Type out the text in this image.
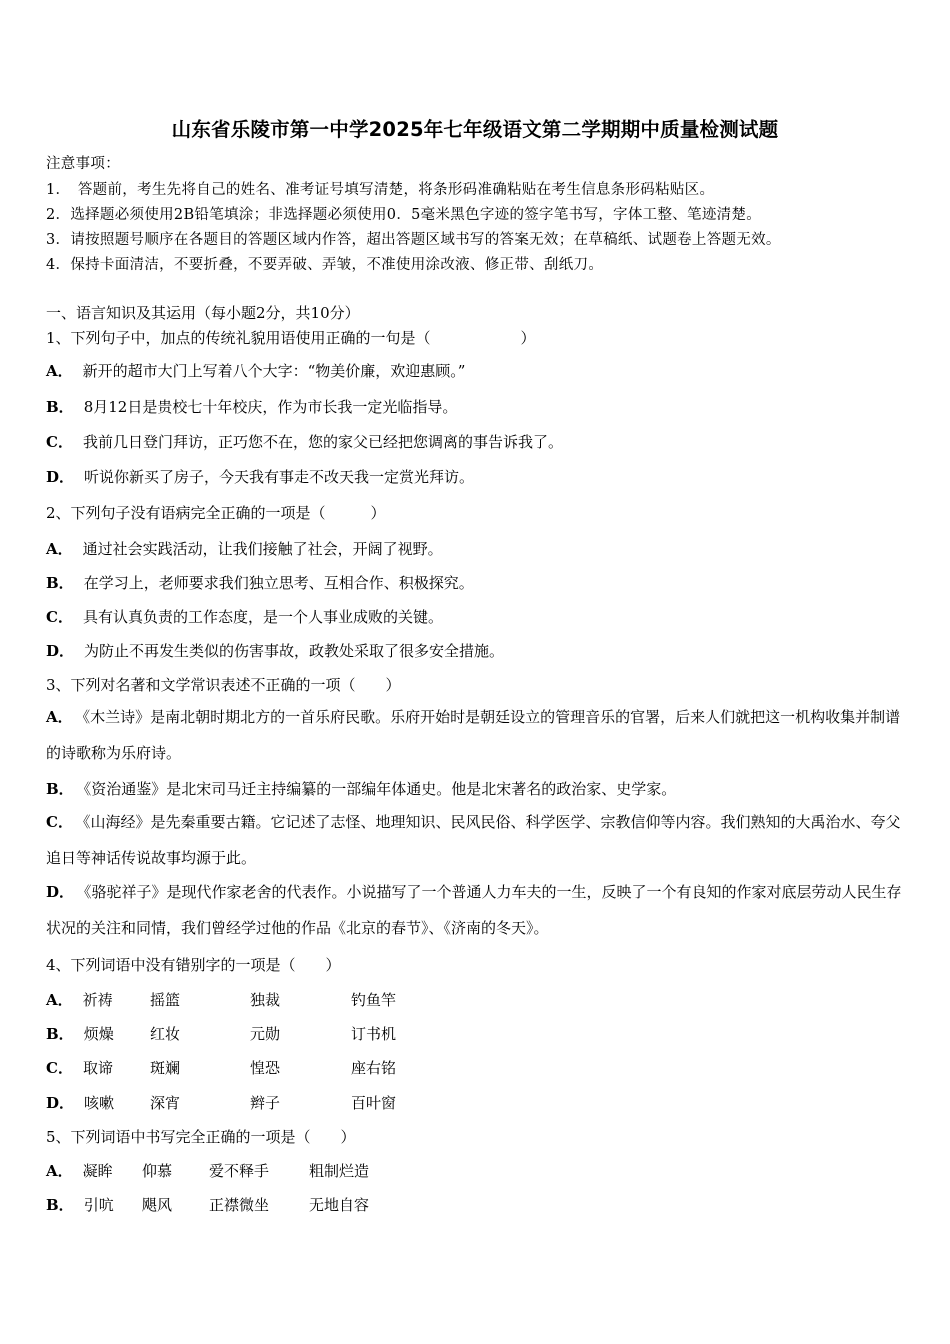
山东省乐陵市第一中学2025年七年级语文第二学期期中质量检测试题
注意事项：
1．　答题前，考生先将自己的姓名、准考证号填写清楚，将条形码准确粘贴在考生信息条形码粘贴区。
2．选择题必须使用2B铅笔填涂；非选择题必须使用0．5毫米黑色字迹的签字笔书写，字体工整、笔迹清楚。
3．请按照题号顺序在各题目的答题区域内作答，超出答题区域书写的答案无效；在草稿纸、试题卷上答题无效。
4．保持卡面清洁，不要折叠，不要弄破、弄皱，不准使用涂改液、修正带、刮纸刀。
一、语言知识及其运用（每小题2分，共10分）
1、下列句子中，加点的传统礼貌用语使用正确的一句是（　　　　　　）
A． 新开的超市大门上写着八个大字：“物美价廉，欢迎惠顾。”
B． 8月12日是贵校七十年校庆，作为市长我一定光临指导。
C． 我前几日登门拜访，正巧您不在，您的家父已经把您调离的事告诉我了。
D． 听说你新买了房子，今天我有事走不改天我一定赏光拜访。
2、下列句子没有语病完全正确的一项是（　　　）
A． 通过社会实践活动，让我们接触了社会，开阔了视野。
B． 在学习上，老师要求我们独立思考、互相合作、积极探究。
C． 具有认真负责的工作态度，是一个人事业成败的关键。
D． 为防止不再发生类似的伤害事故，政教处采取了很多安全措施。
3、下列对名著和文学常识表述不正确的一项（　　）
A． 《木兰诗》是南北朝时期北方的一首乐府民歌。乐府开始时是朝廷设立的管理音乐的官署，后来人们就把这一机构收集并制谱的诗歌称为乐府诗。
B． 《资治通鉴》是北宋司马迁主持编纂的一部编年体通史。他是北宋著名的政治家、史学家。
C． 《山海经》是先秦重要古籍。它记述了志怪、地理知识、民风民俗、科学医学、宗教信仰等内容。我们熟知的大禹治水、夸父追日等神话传说故事均源于此。
D． 《骆驼祥子》是现代作家老舍的代表作。小说描写了一个普通人力车夫的一生，反映了一个有良知的作家对底层劳动人民生存状况的关注和同情，我们曾经学过他的作品《北京的春节》、《济南的冬天》。
4、下列词语中没有错别字的一项是（　　）
A． 祈祷 摇篮	独裁	钓鱼竿
B． 烦燥 红妆	元勋	订书机
C． 取谛 斑斓	惶恐	座右铭
D． 咳嗽 深宵	辫子	百叶窗
5、下列词语中书写完全正确的一项是（　　）
A． 凝眸 仰慕 爱不释手	粗制烂造
B． 引吭 飓风 正襟微坐	无地自容
